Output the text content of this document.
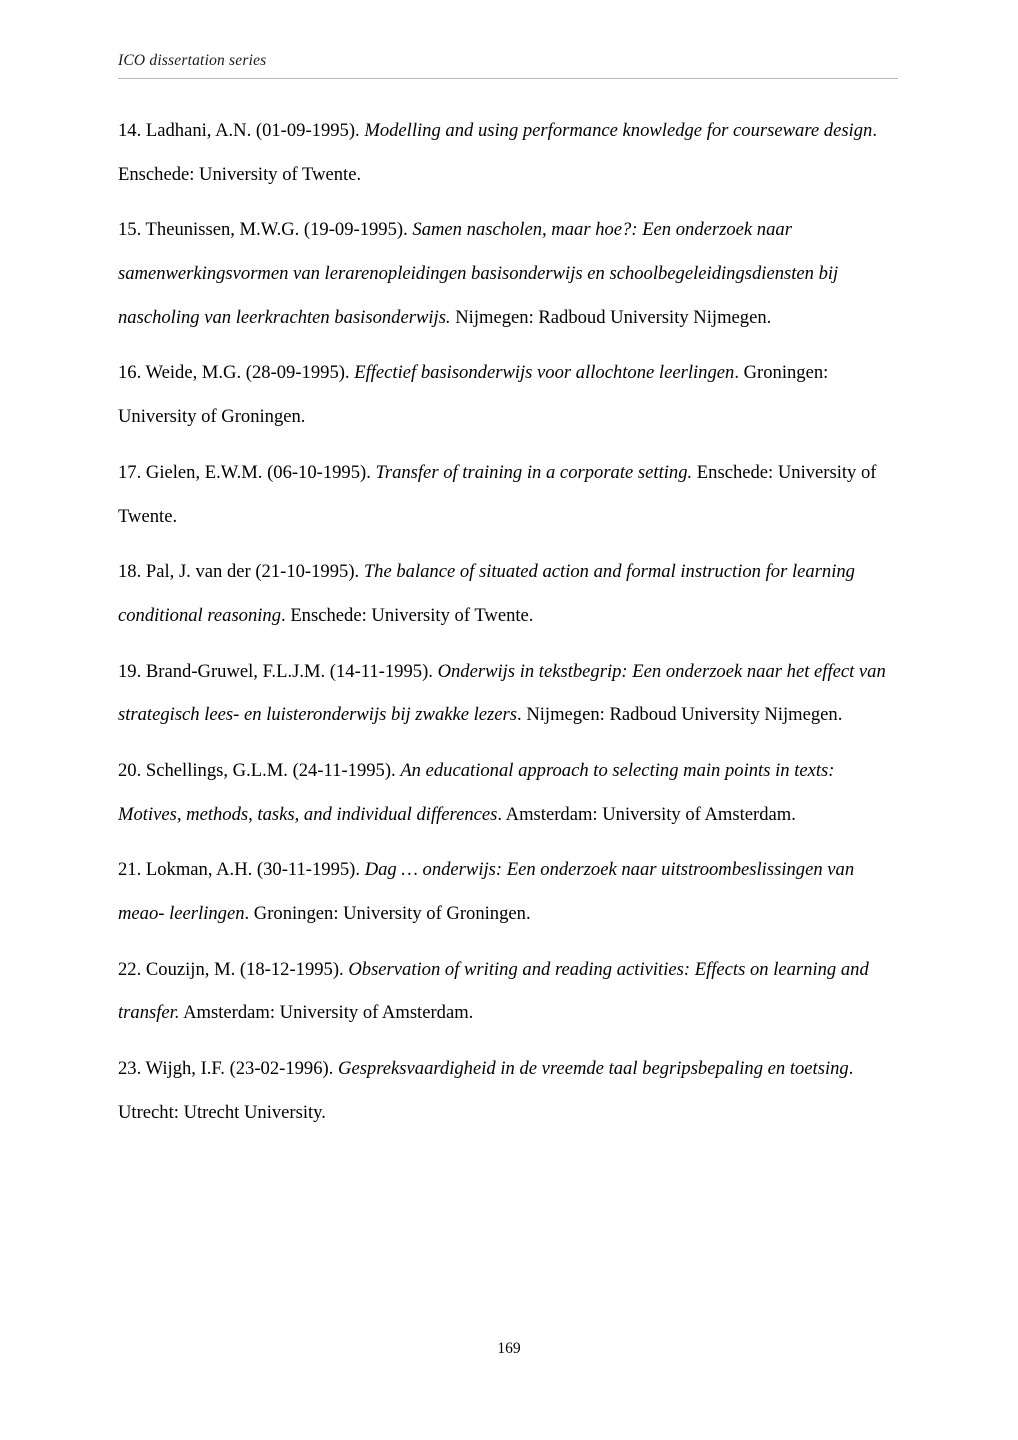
ICO dissertation series

14. Ladhani, A.N. (01-09-1995). Modelling and using performance knowledge for courseware design. Enschede: University of Twente.

15. Theunissen, M.W.G. (19-09-1995). Samen nascholen, maar hoe?: Een onderzoek naar samenwerkingsvormen van lerarenopleidingen basisonderwijs en schoolbegeleidingsdiensten bij nascholing van leerkrachten basisonderwijs. Nijmegen: Radboud University Nijmegen.

16. Weide, M.G. (28-09-1995). Effectief basisonderwijs voor allochtone leerlingen. Groningen: University of Groningen.

17. Gielen, E.W.M. (06-10-1995). Transfer of training in a corporate setting. Enschede: University of Twente.

18. Pal, J. van der (21-10-1995). The balance of situated action and formal instruction for learning conditional reasoning. Enschede: University of Twente.

19. Brand-Gruwel, F.L.J.M. (14-11-1995). Onderwijs in tekstbegrip: Een onderzoek naar het effect van strategisch lees- en luisteronderwijs bij zwakke lezers. Nijmegen: Radboud University Nijmegen.

20. Schellings, G.L.M. (24-11-1995). An educational approach to selecting main points in texts: Motives, methods, tasks, and individual differences. Amsterdam: University of Amsterdam.

21. Lokman, A.H. (30-11-1995). Dag … onderwijs: Een onderzoek naar uitstroombeslissingen van meao- leerlingen. Groningen: University of Groningen.

22. Couzijn, M. (18-12-1995). Observation of writing and reading activities: Effects on learning and transfer. Amsterdam: University of Amsterdam.

23. Wijgh, I.F. (23-02-1996). Gespreksvaardigheid in de vreemde taal begripsbepaling en toetsing. Utrecht: Utrecht University.

169
